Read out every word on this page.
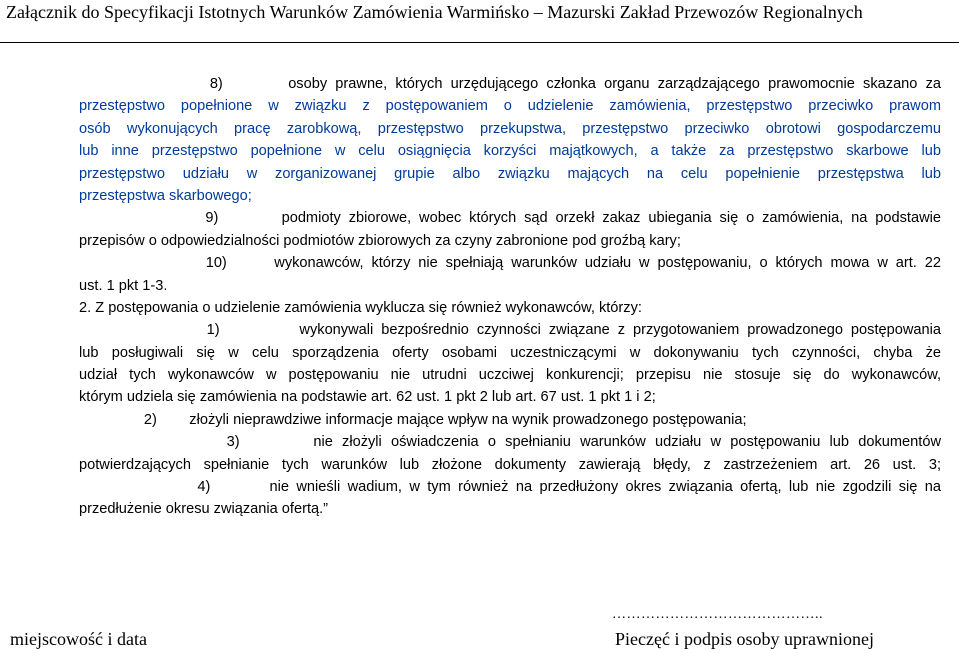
Załącznik do Specyfikacji Istotnych Warunków Zamówienia Warmińsko – Mazurski Zakład Przewozów Regionalnych
8)        osoby prawne, których urzędującego członka organu zarządzającego prawomocnie skazano za
przestępstwo popełnione w związku z postępowaniem o udzielenie zamówienia, przestępstwo przeciwko prawom
osób wykonujących pracę zarobkową, przestępstwo przekupstwa, przestępstwo przeciwko obrotowi gospodarczemu
lub inne przestępstwo popełnione w celu osiągnięcia korzyści majątkowych, a także za przestępstwo skarbowe lub
przestępstwo udziału w zorganizowanej grupie albo związku mających na celu popełnienie przestępstwa lub
przestępstwa skarbowego;
9)        podmioty zbiorowe, wobec których sąd orzekł zakaz ubiegania się o zamówienia, na podstawie
przepisów o odpowiedzialności podmiotów zbiorowych za czyny zabronione pod groźbą kary;
10)      wykonawców, którzy nie spełniają warunków udziału w postępowaniu, o których mowa w art. 22
ust. 1 pkt 1-3.
2. Z postępowania o udzielenie zamówienia wyklucza się również wykonawców, którzy:
1)          wykonywali bezpośrednio czynności związane z przygotowaniem prowadzonego postępowania
lub posługiwali się w celu sporządzenia oferty osobami uczestniczącymi w dokonywaniu tych czynności, chyba że
udział tych wykonawców w postępowaniu nie utrudni uczciwej konkurencji; przepisu nie stosuje się do wykonawców,
którym udziela się zamówienia na podstawie art. 62 ust. 1 pkt 2 lub art. 67 ust. 1 pkt 1 i 2;
2)        złożyli nieprawdziwe informacje mające wpływ na wynik prowadzonego postępowania;
3)        nie złożyli oświadczenia o spełnianiu warunków udziału w postępowaniu lub dokumentów
potwierdzających spełnianie tych warunków lub złożone dokumenty zawierają błędy, z zastrzeżeniem art. 26 ust. 3;
4)        nie wnieśli wadium, w tym również na przedłużony okres związania ofertą, lub nie zgodzili się na
przedłużenie okresu związania ofertą.”
miejscowość i data
……………………………………..
Pieczęć i podpis osoby uprawnionej
